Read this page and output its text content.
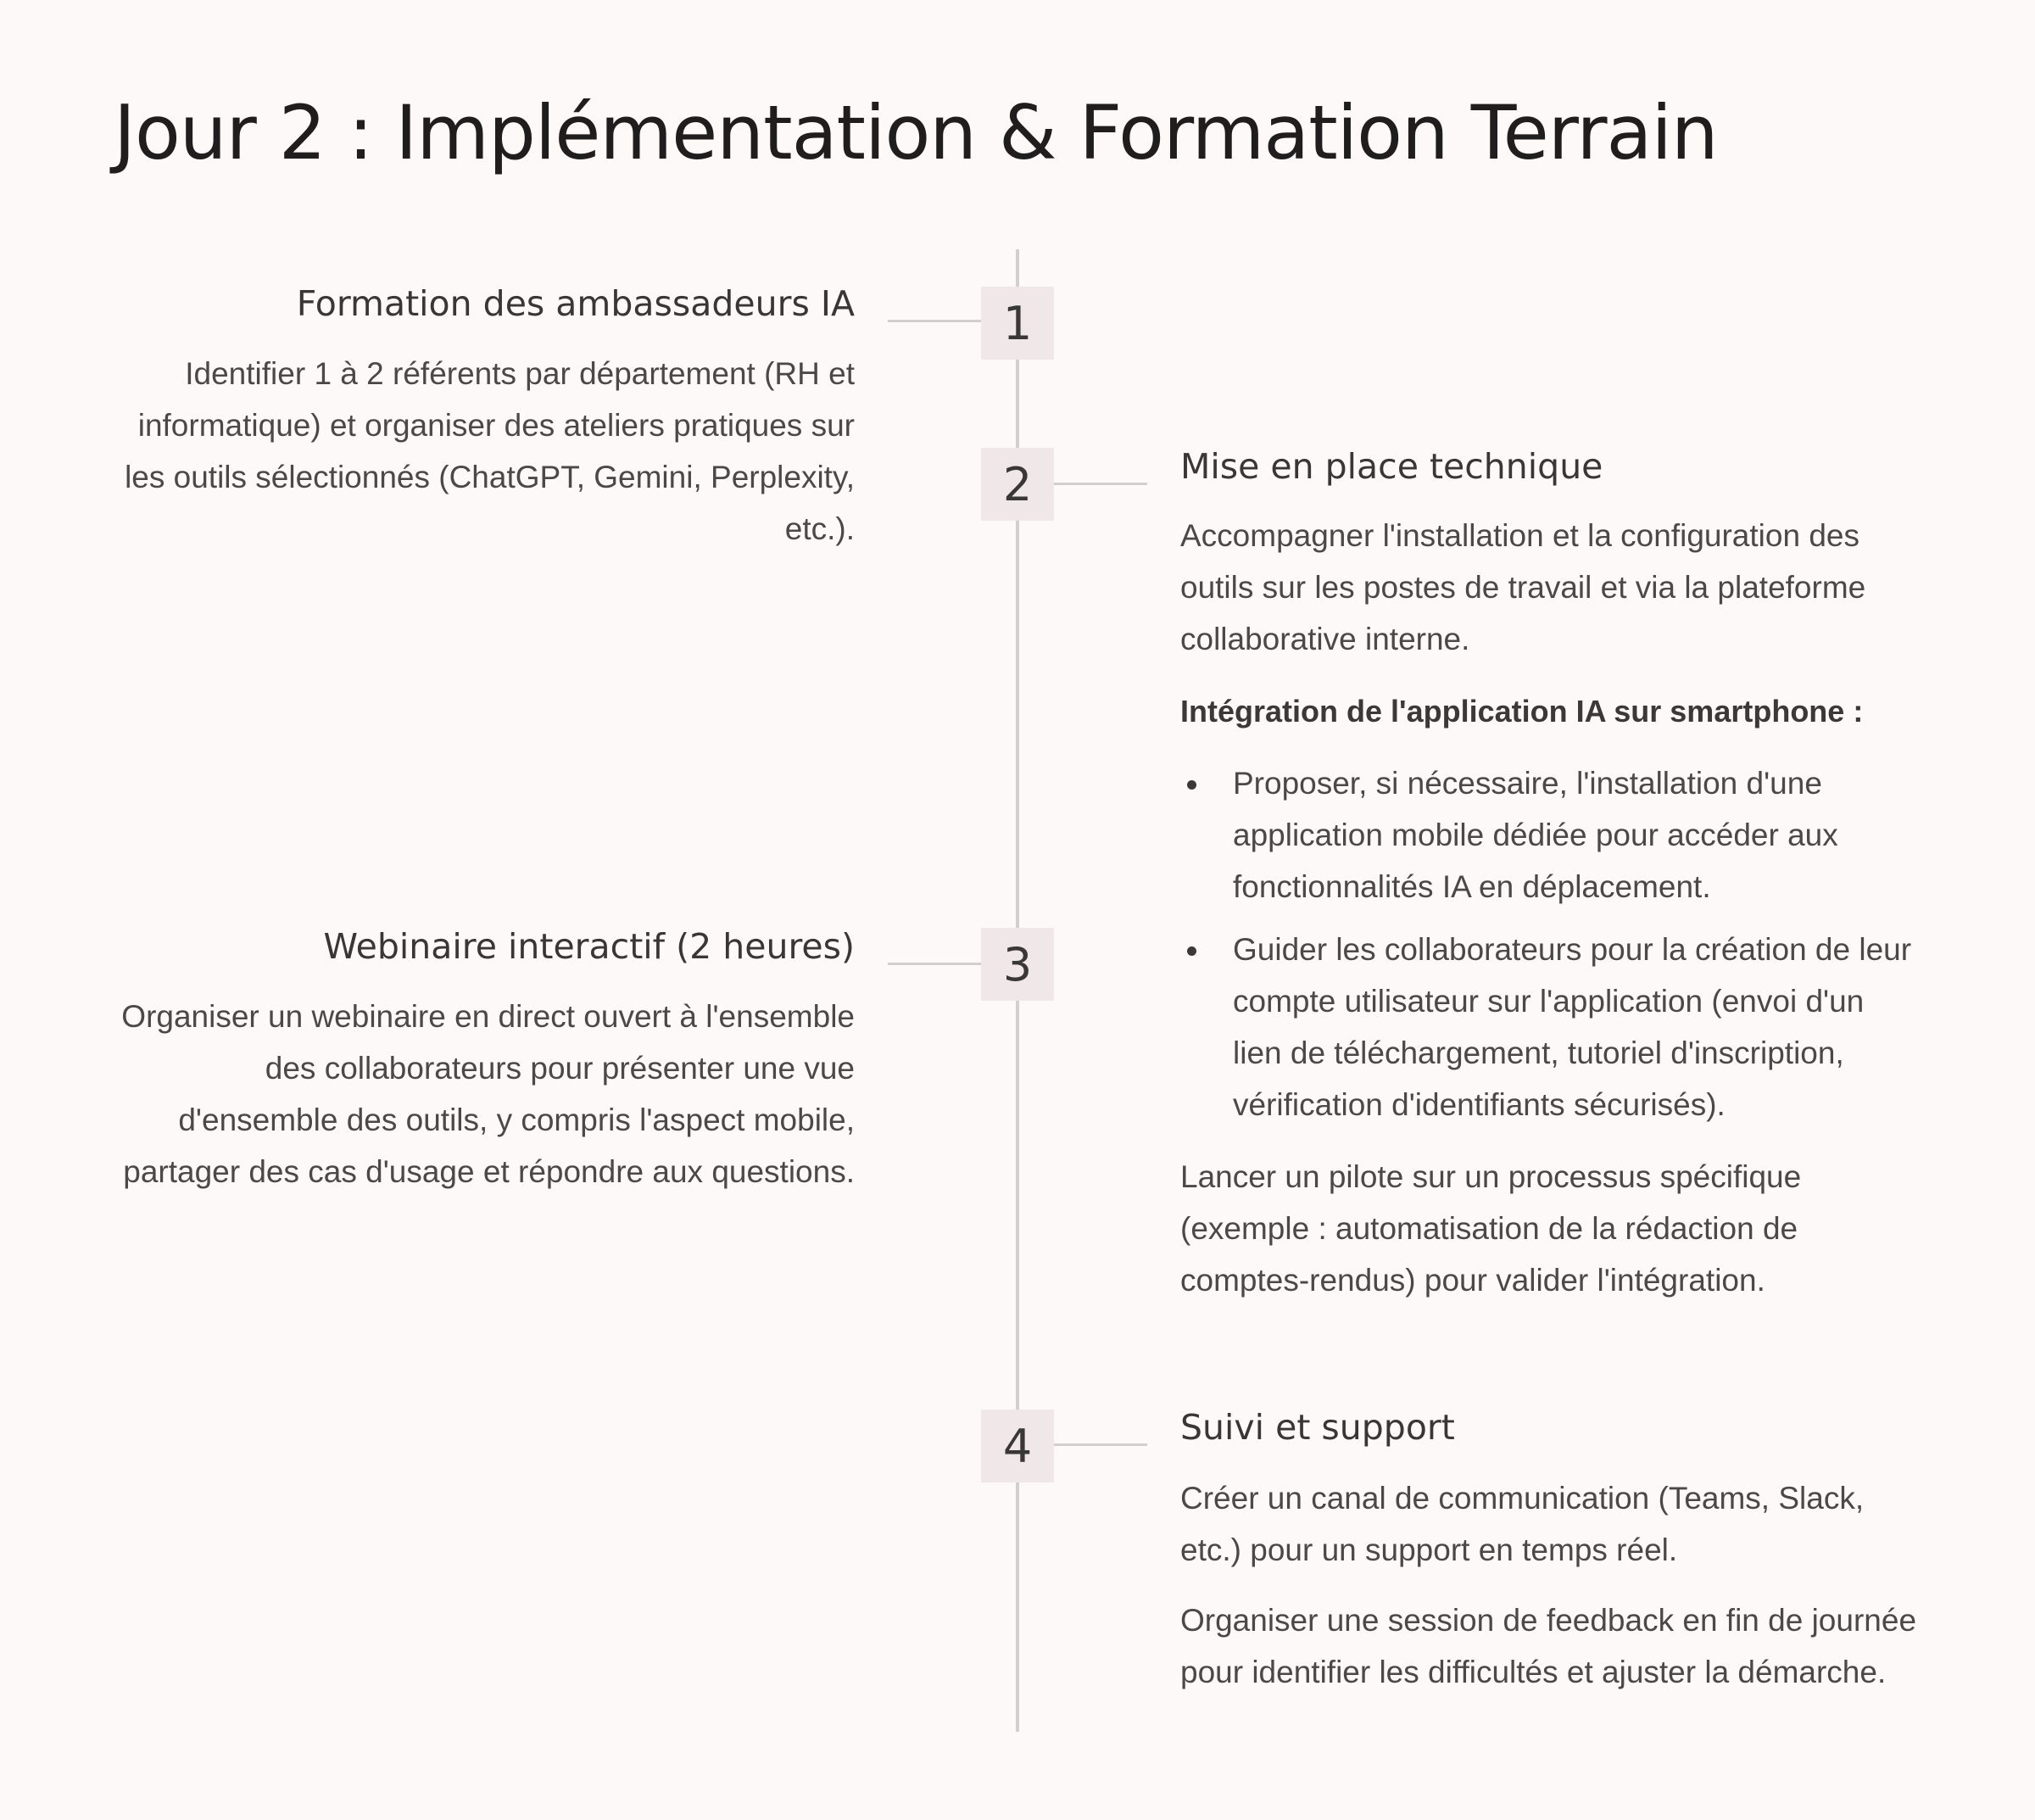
Jour 2 : Implémentation & Formation Terrain
1
Formation des ambassadeurs IA

Identifier 1 à 2 référents par département (RH et
informatique) et organiser des ateliers pratiques sur
les outils sélectionnés (ChatGPT, Gemini, Perplexity,
etc.).

2	Mise en place technique

Accompagner l'installation et la configuration des
outils sur les postes de travail et via la plateforme
collaborative interne.

Intégration de l'application IA sur smartphone :

Proposer, si nécessaire, l'installation d'une
application mobile dédiée pour accéder aux
fonctionnalités IA en déplacement.
Guider les collaborateurs pour la création de leur
compte utilisateur sur l'application (envoi d'un
lien de téléchargement, tutoriel d'inscription,
vérification d'identifiants sécurisés).

Lancer un pilote sur un processus spécifique
(exemple : automatisation de la rédaction de
comptes-rendus) pour valider l'intégration.

3
Webinaire interactif (2 heures)

Organiser un webinaire en direct ouvert à l'ensemble
des collaborateurs pour présenter une vue
d'ensemble des outils, y compris l'aspect mobile,
partager des cas d'usage et répondre aux questions.

4	Suivi et support

Créer un canal de communication (Teams, Slack,
etc.) pour un support en temps réel.

Organiser une session de feedback en fin de journée
pour identifier les difficultés et ajuster la démarche.
